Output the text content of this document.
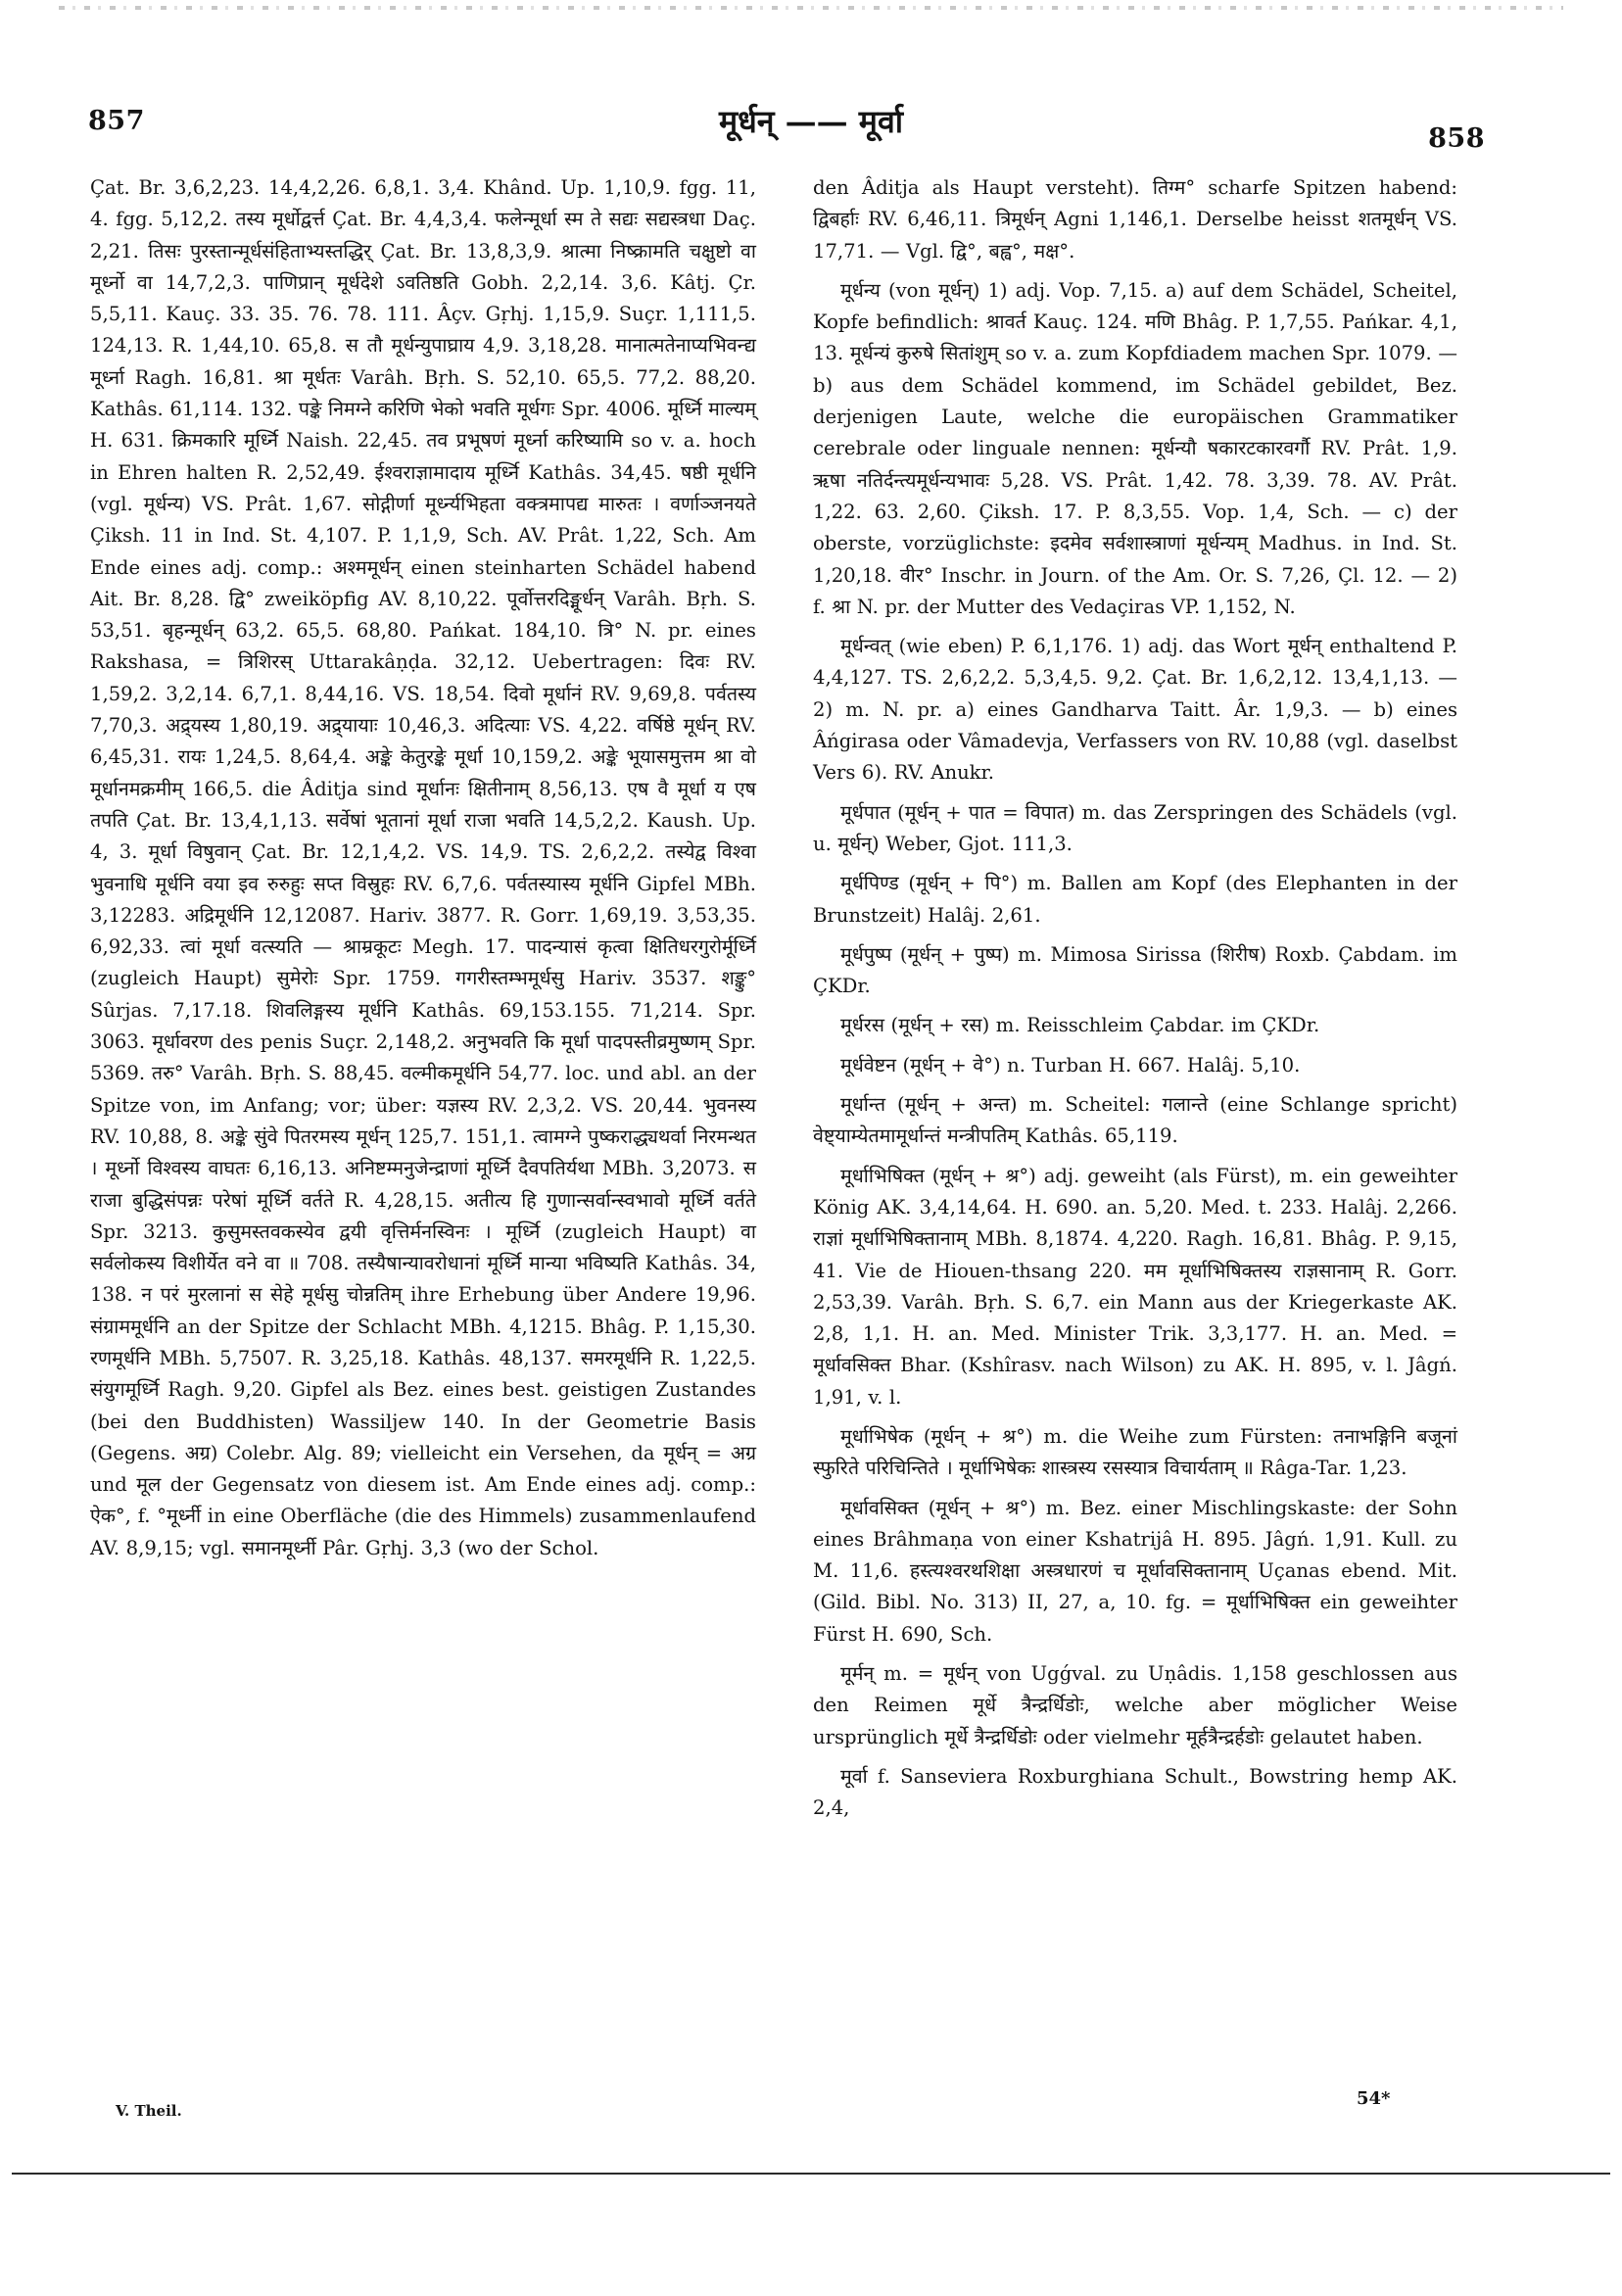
857	मूर्धन् —— मूर्वा	858

Çat. Br. 3,6,2,23. 14,4,2,26. 6,8,1. 3,4. Khând. Up. 1,10,9. fgg. 11, 4. fgg. 5,12,2. तस्य मूर्धोद्वर्त्त Çat. Br. 4,4,3,4. फलेन्मूर्धा स्म ते सद्यः सद्यस्त्रधा Daç. 2,21. तिसः पुरस्तान्मूर्धसंहिताभ्यस्तद्धिर्‌ Çat. Br. 13,8,3,9. श्रात्मा निष्क्रामति चक्षुष्टो वा मूर्ध्नो वा 14,7,2,3. पाणिप्रान्‌ मूर्धदेशे ऽवतिष्ठति Gobh. 2,2,14. 3,6. Kâtj. Çr. 5,5,11. Kauç. 33. 35. 76. 78. 111. Âçv. Gṛhj. 1,15,9. Suçr. 1,111,5. 124,13. R. 1,44,10. 65,8. स तौ मूर्धन्युपाघ्राय 4,9. 3,18,28. मानात्मतेनाप्यभिवन्द्य मूर्ध्ना Ragh. 16,81. श्रा मूर्धतः Varâh. Bṛh. S. 52,10. 65,5. 77,2. 88,20. Kathâs. 61,114. 132. पङ्के निमग्ने करिणि भेको भवति मूर्धगः Spr. 4006. मूर्ध्नि माल्यम्‌ H. 631. क्रिमकारि मूर्ध्नि Naish. 22,45. तव प्रभूषणं मूर्ध्ना करिष्यामि so v. a. hoch in Ehren halten R. 2,52,49. ईश्वराज्ञामादाय मूर्ध्नि Kathâs. 34,45. षष्ठी मूर्धनि (vgl. मूर्धन्य) VS. Prât. 1,67. सोद्गीर्णा मूर्ध्न्यभिहता वक्त्रमापद्य मारुतः । वर्णाञ्जनयते Çiksh. 11 in Ind. St. 4,107. P. 1,1,9, Sch. AV. Prât. 1,22, Sch. Am Ende eines adj. comp.: अश्ममूर्धन्‌ einen steinharten Schädel habend Ait. Br. 8,28. द्वि° zweiköpfig AV. 8,10,22. पूर्वोत्तरदिङ्मूर्धन्‌ Varâh. Bṛh. S. 53,51. बृहन्मूर्धन्‌ 63,2. 65,5. 68,80. Pańkat. 184,10. त्रि° N. pr. eines Rakshasa, = त्रिशिरस्‌ Uttarakâṇḍa. 32,12. Uebertragen: दिवः RV. 1,59,2. 3,2,14. 6,7,1. 8,44,16. VS. 18,54. दिवो मूर्धानं RV. 9,69,8. पर्वतस्य 7,70,3. अद्र्यस्य 1,80,19. अद्र्यायाः 10,46,3. अदित्याः VS. 4,22. वर्षिष्ठे मूर्धन्‌ RV. 6,45,31. रायः 1,24,5. 8,64,4. अङ्के केतुरङ्के मूर्धा 10,159,2. अङ्के भूयासमुत्तम श्रा वो मूर्धानमक्रमीम्‌ 166,5. die Âditja sind मूर्धानः क्षितीनाम्‌ 8,56,13. एष वै मूर्धा य एष तपति Çat. Br. 13,4,1,13. सर्वेषां भूतानां मूर्धा राजा भवति 14,5,2,2. Kaush. Up. 4, 3. मूर्धा विषुवान्‌ Çat. Br. 12,1,4,2. VS. 14,9. TS. 2,6,2,2. तस्येद्व विश्वा भुवनाधि मूर्धनि वया इव रुरुहुः सप्त विस्रुहः RV. 6,7,6. पर्वतस्यास्य मूर्धनि Gipfel MBh. 3,12283. अद्रिमूर्धनि 12,12087. Hariv. 3877. R. Gorr. 1,69,19. 3,53,35. 6,92,33. त्वां मूर्धा वत्स्यति — श्राम्रकूटः Megh. 17. पादन्यासं कृत्वा क्षितिधरगुरोर्मूर्ध्नि (zugleich Haupt) सुमेरोः Spr. 1759. गगरीस्तम्भमूर्धसु Hariv. 3537. शङ्कु° Sûrjas. 7,17.18. शिवलिङ्गस्य मूर्धनि Kathâs. 69,153.155. 71,214. Spr. 3063. मूर्धावरण des penis Suçr. 2,148,2. अनुभवति कि मूर्धा पादपस्तीव्रमुष्णम्‌ Spr. 5369. तरु° Varâh. Bṛh. S. 88,45. वल्मीकमूर्धनि 54,77. loc. und abl. an der Spitze von, im Anfang; vor; über: यज्ञस्य RV. 2,3,2. VS. 20,44. भुवनस्य RV. 10,88, 8. अङ्के सुंवे पितरमस्य मूर्धन्‌ 125,7. 151,1. त्वामग्ने पुष्कराद्ध्यथर्वा निरमन्थत । मूर्ध्नो विश्वस्य वाघतः 6,16,13. अनिष्टम्मनुजेन्द्राणां मूर्ध्नि दैवपतिर्यथा MBh. 3,2073. स राजा बुद्धिसंपन्नः परेषां मूर्ध्नि वर्तते R. 4,28,15. अतीत्य हि गुणान्सर्वान्स्वभावो मूर्ध्नि वर्तते Spr. 3213. कुसुमस्तवकस्येव द्वयी वृत्तिर्मनस्विनः । मूर्ध्नि (zugleich Haupt) वा सर्वलोकस्य विशीर्येत वने वा ॥ 708. तस्यैषान्यावरोधानां मूर्ध्नि मान्या भविष्यति Kathâs. 34, 138. न परं मुरलानां स सेहे मूर्धसु चोन्नतिम्‌ ihre Erhebung über Andere 19,96. संग्राममूर्धनि an der Spitze der Schlacht MBh. 4,1215. Bhâg. P. 1,15,30. रणमूर्धनि MBh. 5,7507. R. 3,25,18. Kathâs. 48,137. समरमूर्धनि R. 1,22,5. संयुगमूर्ध्नि Ragh. 9,20. Gipfel als Bez. eines best. geistigen Zustandes (bei den Buddhisten) Wassiljew 140. In der Geometrie Basis (Gegens. अग्र) Colebr. Alg. 89; vielleicht ein Versehen, da मूर्धन्‌ = अग्र und मूल der Gegensatz von diesem ist. Am Ende eines adj. comp.: ऐक°, f. °मूर्ध्नी in eine Oberfläche (die des Himmels) zusammenlaufend AV. 8,9,15; vgl. समानमूर्ध्नी Pâr. Gṛhj. 3,3 (wo der Schol.

den Âditja als Haupt versteht). तिग्म° scharfe Spitzen habend: द्विबर्हाः RV. 6,46,11. त्रिमूर्धन्‌ Agni 1,146,1. Derselbe heisst शतमूर्धन्‌ VS. 17,71. — Vgl. द्वि°, बह्व°, मक्ष°.

मूर्धन्य (von मूर्धन्‌) 1) adj. Vop. 7,15. a) auf dem Schädel, Scheitel, Kopfe befindlich: श्रावर्त Kauç. 124. मणि Bhâg. P. 1,7,55. Pańkar. 4,1, 13. मूर्धन्यं कुरुषे सितांशुम्‌ so v. a. zum Kopfdiadem machen Spr. 1079. — b) aus dem Schädel kommend, im Schädel gebildet, Bez. derjenigen Laute, welche die europäischen Grammatiker cerebrale oder linguale nennen: मूर्धन्यौ षकारटकारवर्गौ RV. Prât. 1,9. ऋषा नतिर्दन्त्यमूर्धन्यभावः 5,28. VS. Prât. 1,42. 78. 3,39. 78. AV. Prât. 1,22. 63. 2,60. Çiksh. 17. P. 8,3,55. Vop. 1,4, Sch. — c) der oberste, vorzüglichste: इदमेव सर्वशास्त्राणां मूर्धन्यम्‌ Madhus. in Ind. St. 1,20,18. वीर° Inschr. in Journ. of the Am. Or. S. 7,26, Çl. 12. — 2) f. श्रा N. pr. der Mutter des Vedaçiras VP. 1,152, N.

मूर्धन्वत्‌ (wie eben) P. 6,1,176. 1) adj. das Wort मूर्धन्‌ enthaltend P. 4,4,127. TS. 2,6,2,2. 5,3,4,5. 9,2. Çat. Br. 1,6,2,12. 13,4,1,13. — 2) m. N. pr. a) eines Gandharva Taitt. Âr. 1,9,3. — b) eines Âńgirasa oder Vâmadevja, Verfassers von RV. 10,88 (vgl. daselbst Vers 6). RV. Anukr.

मूर्धपात (मूर्धन्‌ + पात = विपात) m. das Zerspringen des Schädels (vgl. u. मूर्धन्‌) Weber, Gjot. 111,3.

मूर्धपिण्ड (मूर्धन्‌ + पि°) m. Ballen am Kopf (des Elephanten in der Brunstzeit) Halâj. 2,61.

मूर्धपुष्प (मूर्धन्‌ + पुष्प) m. Mimosa Sirissa (शिरीष) Roxb. Çabdam. im ÇKDr.

मूर्धरस (मूर्धन्‌ + रस) m. Reisschleim Çabdar. im ÇKDr.

मूर्धवेष्टन (मूर्धन्‌ + वे°) n. Turban H. 667. Halâj. 5,10.

मूर्धान्त (मूर्धन्‌ + अन्त) m. Scheitel: गलान्ते (eine Schlange spricht) वेष्ट्याम्येतमामूर्धान्तं मन्त्रीपतिम्‌ Kathâs. 65,119.

मूर्धाभिषिक्त (मूर्धन्‌ + श्र°) adj. geweiht (als Fürst), m. ein geweihter König AK. 3,4,14,64. H. 690. an. 5,20. Med. t. 233. Halâj. 2,266. राज्ञां मूर्धाभिषिक्तानाम्‌ MBh. 8,1874. 4,220. Ragh. 16,81. Bhâg. P. 9,15, 41. Vie de Hiouen-thsang 220. मम मूर्धाभिषिक्तस्य राज्ञसानाम्‌ R. Gorr. 2,53,39. Varâh. Bṛh. S. 6,7. ein Mann aus der Kriegerkaste AK. 2,8, 1,1. H. an. Med. Minister Trik. 3,3,177. H. an. Med. = मूर्धावसिक्त Bhar. (Kshîrasv. nach Wilson) zu AK. H. 895, v. l. Jâgń. 1,91, v. l.

मूर्धाभिषेक (मूर्धन्‌ + श्र°) m. die Weihe zum Fürsten: तनाभङ्गिनि बजूनां स्फुरिते परिचिन्तिते । मूर्धाभिषेकः शास्त्रस्य रसस्यात्र विचार्यताम्‌ ॥ Râga-Tar. 1,23.

मूर्धावसिक्त (मूर्धन्‌ + श्र°) m. Bez. einer Mischlingskaste: der Sohn eines Brâhmaṇa von einer Kshatrijâ H. 895. Jâgń. 1,91. Kull. zu M. 11,6. हस्त्यश्वरथशिक्षा अस्त्रधारणं च मूर्धावसिक्तानाम्‌ Uçanas ebend. Mit. (Gild. Bibl. No. 313) II, 27, a, 10. fg. = मूर्धाभिषिक्त ein geweihter Fürst H. 690, Sch.

मूर्मन्‌ m. = मूर्धन्‌ von Ugǵval. zu Uṇâdis. 1,158 geschlossen aus den Reimen मूर्धे त्रैन्द्रर्धिडोः, welche aber möglicher Weise ursprünglich मूर्धे त्रैन्द्रर्धिडोः oder vielmehr मूर्हत्रैन्द्रर्हडोः gelautet haben.

मूर्वा f. Sanseviera Roxburghiana Schult., Bowstring hemp AK. 2,4,

V. Theil.
54*
